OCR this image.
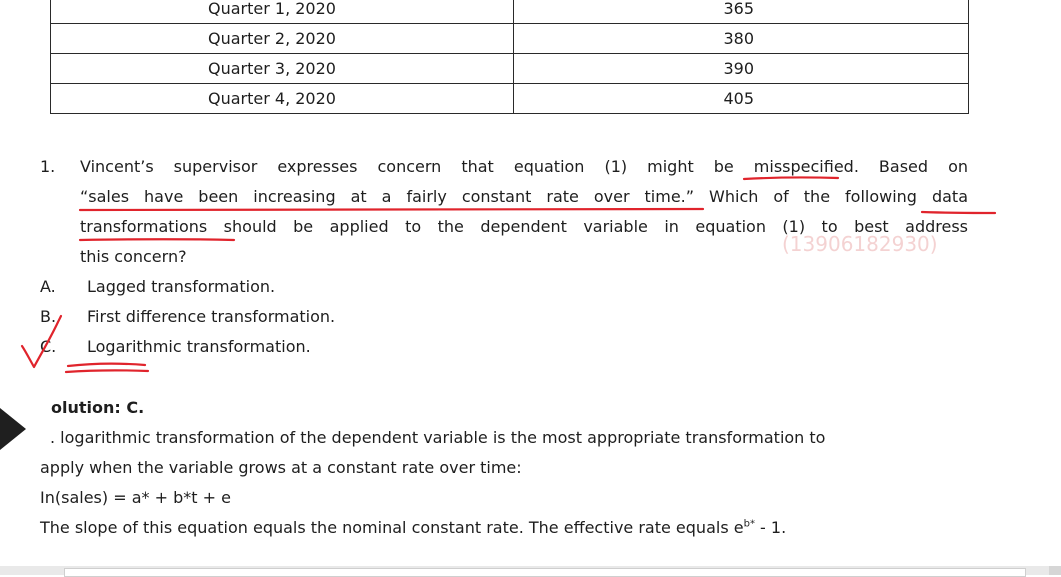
Quarter 1, 2020	365
Quarter 2, 2020	380
Quarter 3, 2020	390
Quarter 4, 2020	405
(13906182930)
1. Vincent’s supervisor expresses concern that equation (1) might be misspecified. Based on
“sales have been increasing at a fairly constant rate over time.” Which of the following data
transformations should be applied to the dependent variable in equation (1) to best address
this concern?
A. Lagged transformation.
B. First difference transformation.
C. Logarithmic transformation.
olution: C.
. logarithmic transformation of the dependent variable is the most appropriate transformation to
apply when the variable grows at a constant rate over time:
In(sales) = a* + b*t + e
The slope of this equation equals the nominal constant rate. The effective rate equals $e^{b*} - 1$.
